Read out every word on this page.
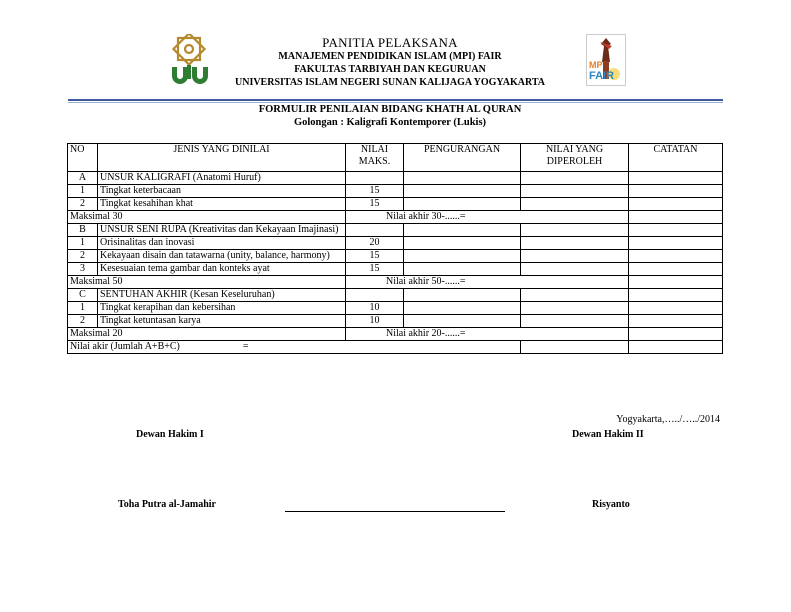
MP
FAIR
PANITIA PELAKSANA
MANAJEMEN PENDIDIKAN ISLAM (MPI) FAIR
FAKULTAS TARBIYAH DAN KEGURUAN
UNIVERSITAS ISLAM NEGERI SUNAN KALIJAGA YOGYAKARTA
FORMULIR PENILAIAN BIDANG KHATH AL QURAN
Golongan : Kaligrafi Kontemporer (Lukis)
NO	JENIS YANG DINILAI	NILAI MAKS.	PENGURANGAN	NILAI YANG DIPEROLEH	CATATAN
A	UNSUR KALIGRAFI (Anatomi Huruf)				
1	Tingkat keterbacaan	15			
2	Tingkat kesahihan khat	15			
Maksimal 30		Nilai akhir 30-......=			
B	UNSUR SENI RUPA (Kreativitas dan Kekayaan Imajinasi)				
1	Orisinalitas dan inovasi	20			
2	Kekayaan disain dan tatawarna (unity, balance, harmony)	15			
3	Kesesuaian tema gambar dan konteks ayat	15			
Maksimal 50		Nilai akhir 50-......=			
C	SENTUHAN AKHIR (Kesan Keseluruhan)				
1	Tingkat kerapihan dan kebersihan	10			
2	Tingkat ketuntasan karya	10			
Maksimal 20		Nilai akhir 20-......=			
Nilai akir (Jumlah A+B+C) =					
Yogyakarta,…../…../2014
Dewan Hakim I	Dewan Hakim II
Toha Putra al-Jamahir	Risyanto
